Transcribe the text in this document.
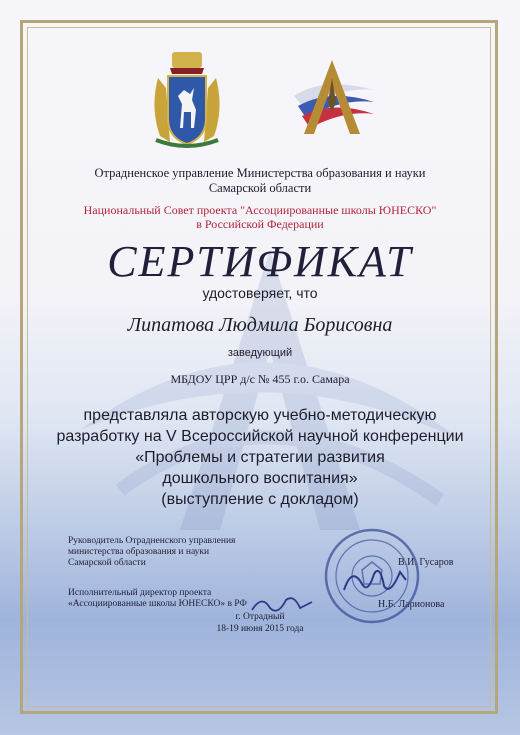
Отрадненское управление Министерства образования и науки
Самарской области
Национальный Совет проекта "Ассоциированные школы ЮНЕСКО"
в Российской Федерации
СЕРТИФИКАТ
удостоверяет, что
Липатова Людмила Борисовна
заведующий
МБДОУ ЦРР д/с № 455 г.о. Самара
представляла авторскую учебно-методическую
разработку на V Всероссийской научной конференции
«Проблемы и стратегии развития
дошкольного воспитания»
(выступление с докладом)
Руководитель Отрадненского управления
министерства образования и науки
Самарской области	В.И. Гусаров
Исполнительный директор проекта
«Ассоциированные школы ЮНЕСКО» в РФ	Н.Б. Ларионова
г. Отрадный
18-19 июня 2015 года
